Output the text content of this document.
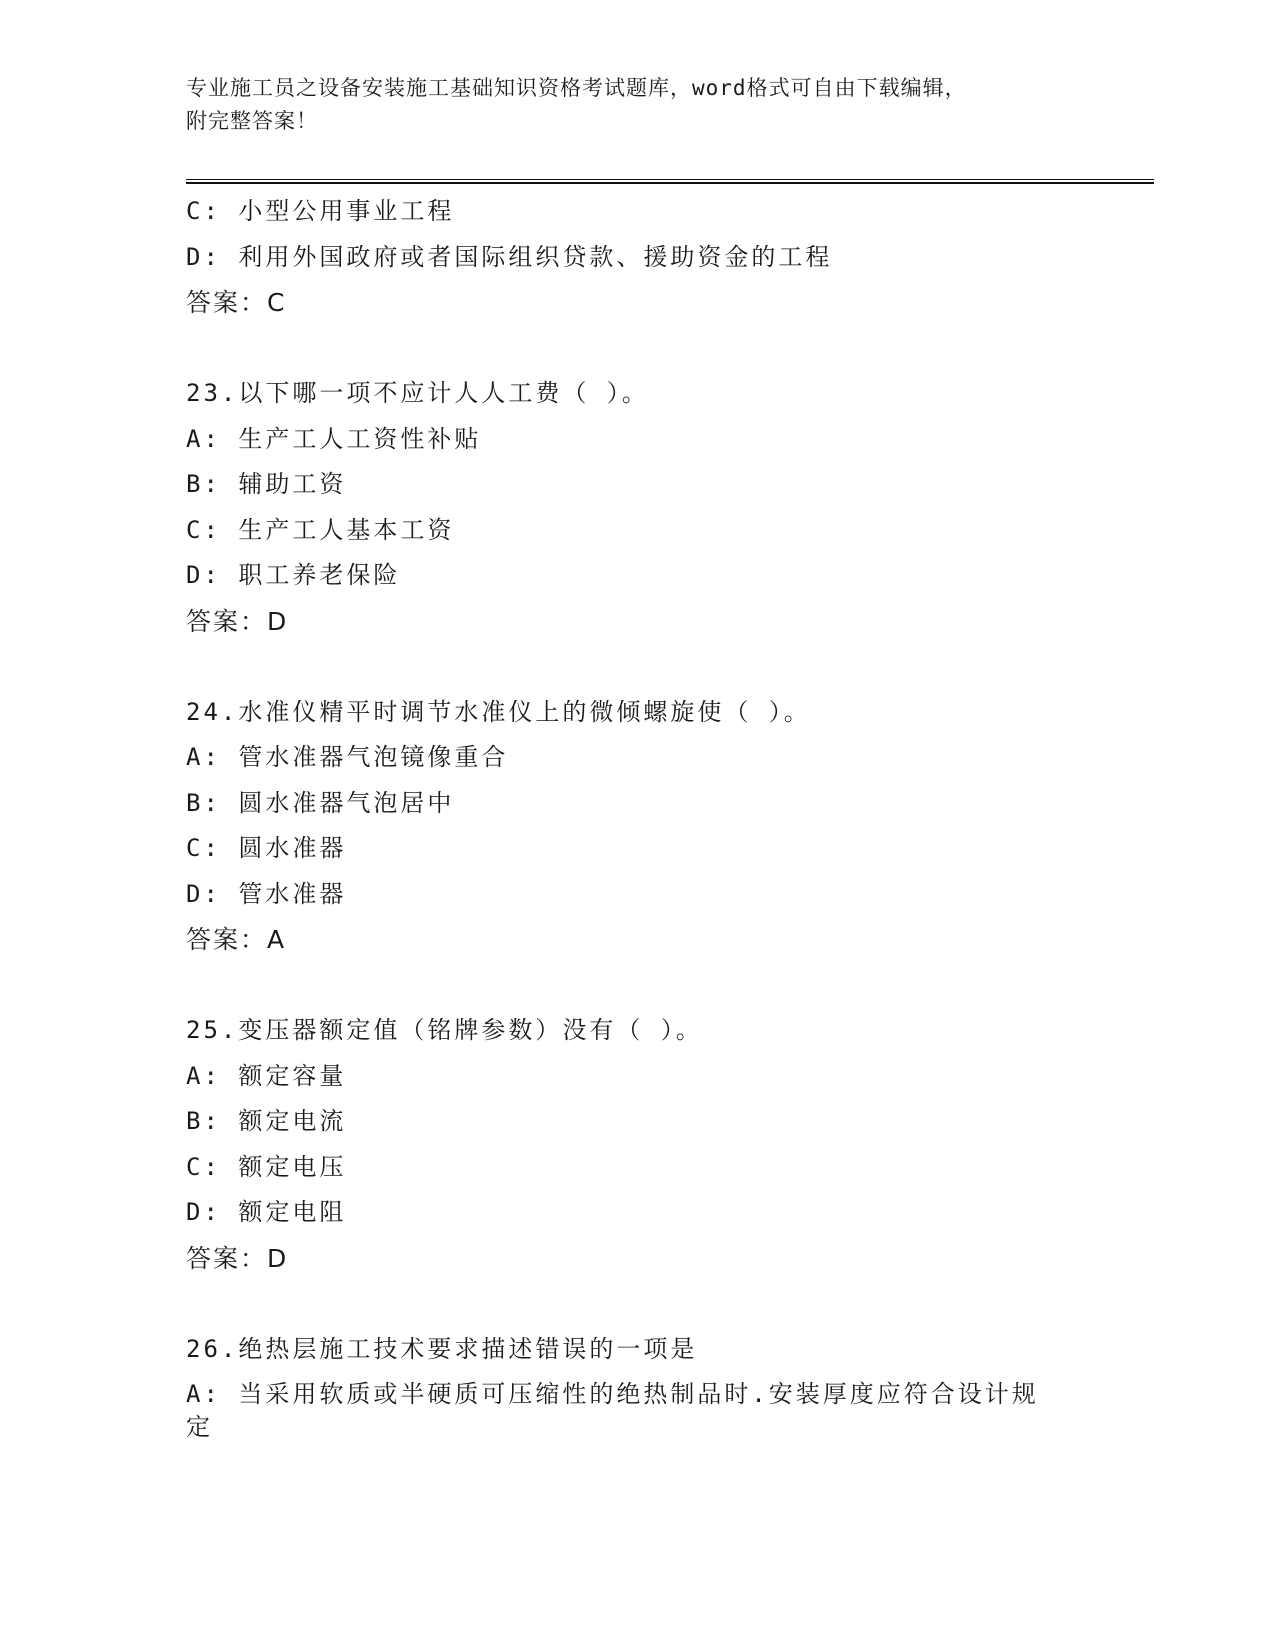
专业施工员之设备安装施工基础知识资格考试题库，word格式可自由下载编辑，
附完整答案！
C: 小型公用事业工程
D: 利用外国政府或者国际组织贷款、援助资金的工程
答案：C
23.以下哪一项不应计人人工费（ ）。
A: 生产工人工资性补贴
B: 辅助工资
C: 生产工人基本工资
D: 职工养老保险
答案：D
24.水准仪精平时调节水准仪上的微倾螺旋使（ ）。
A: 管水准器气泡镜像重合
B: 圆水准器气泡居中
C: 圆水准器
D: 管水准器
答案：A
25.变压器额定值（铭牌参数）没有（ ）。
A: 额定容量
B: 额定电流
C: 额定电压
D: 额定电阻
答案：D
26.绝热层施工技术要求描述错误的一项是
A: 当采用软质或半硬质可压缩性的绝热制品时.安装厚度应符合设计规定
